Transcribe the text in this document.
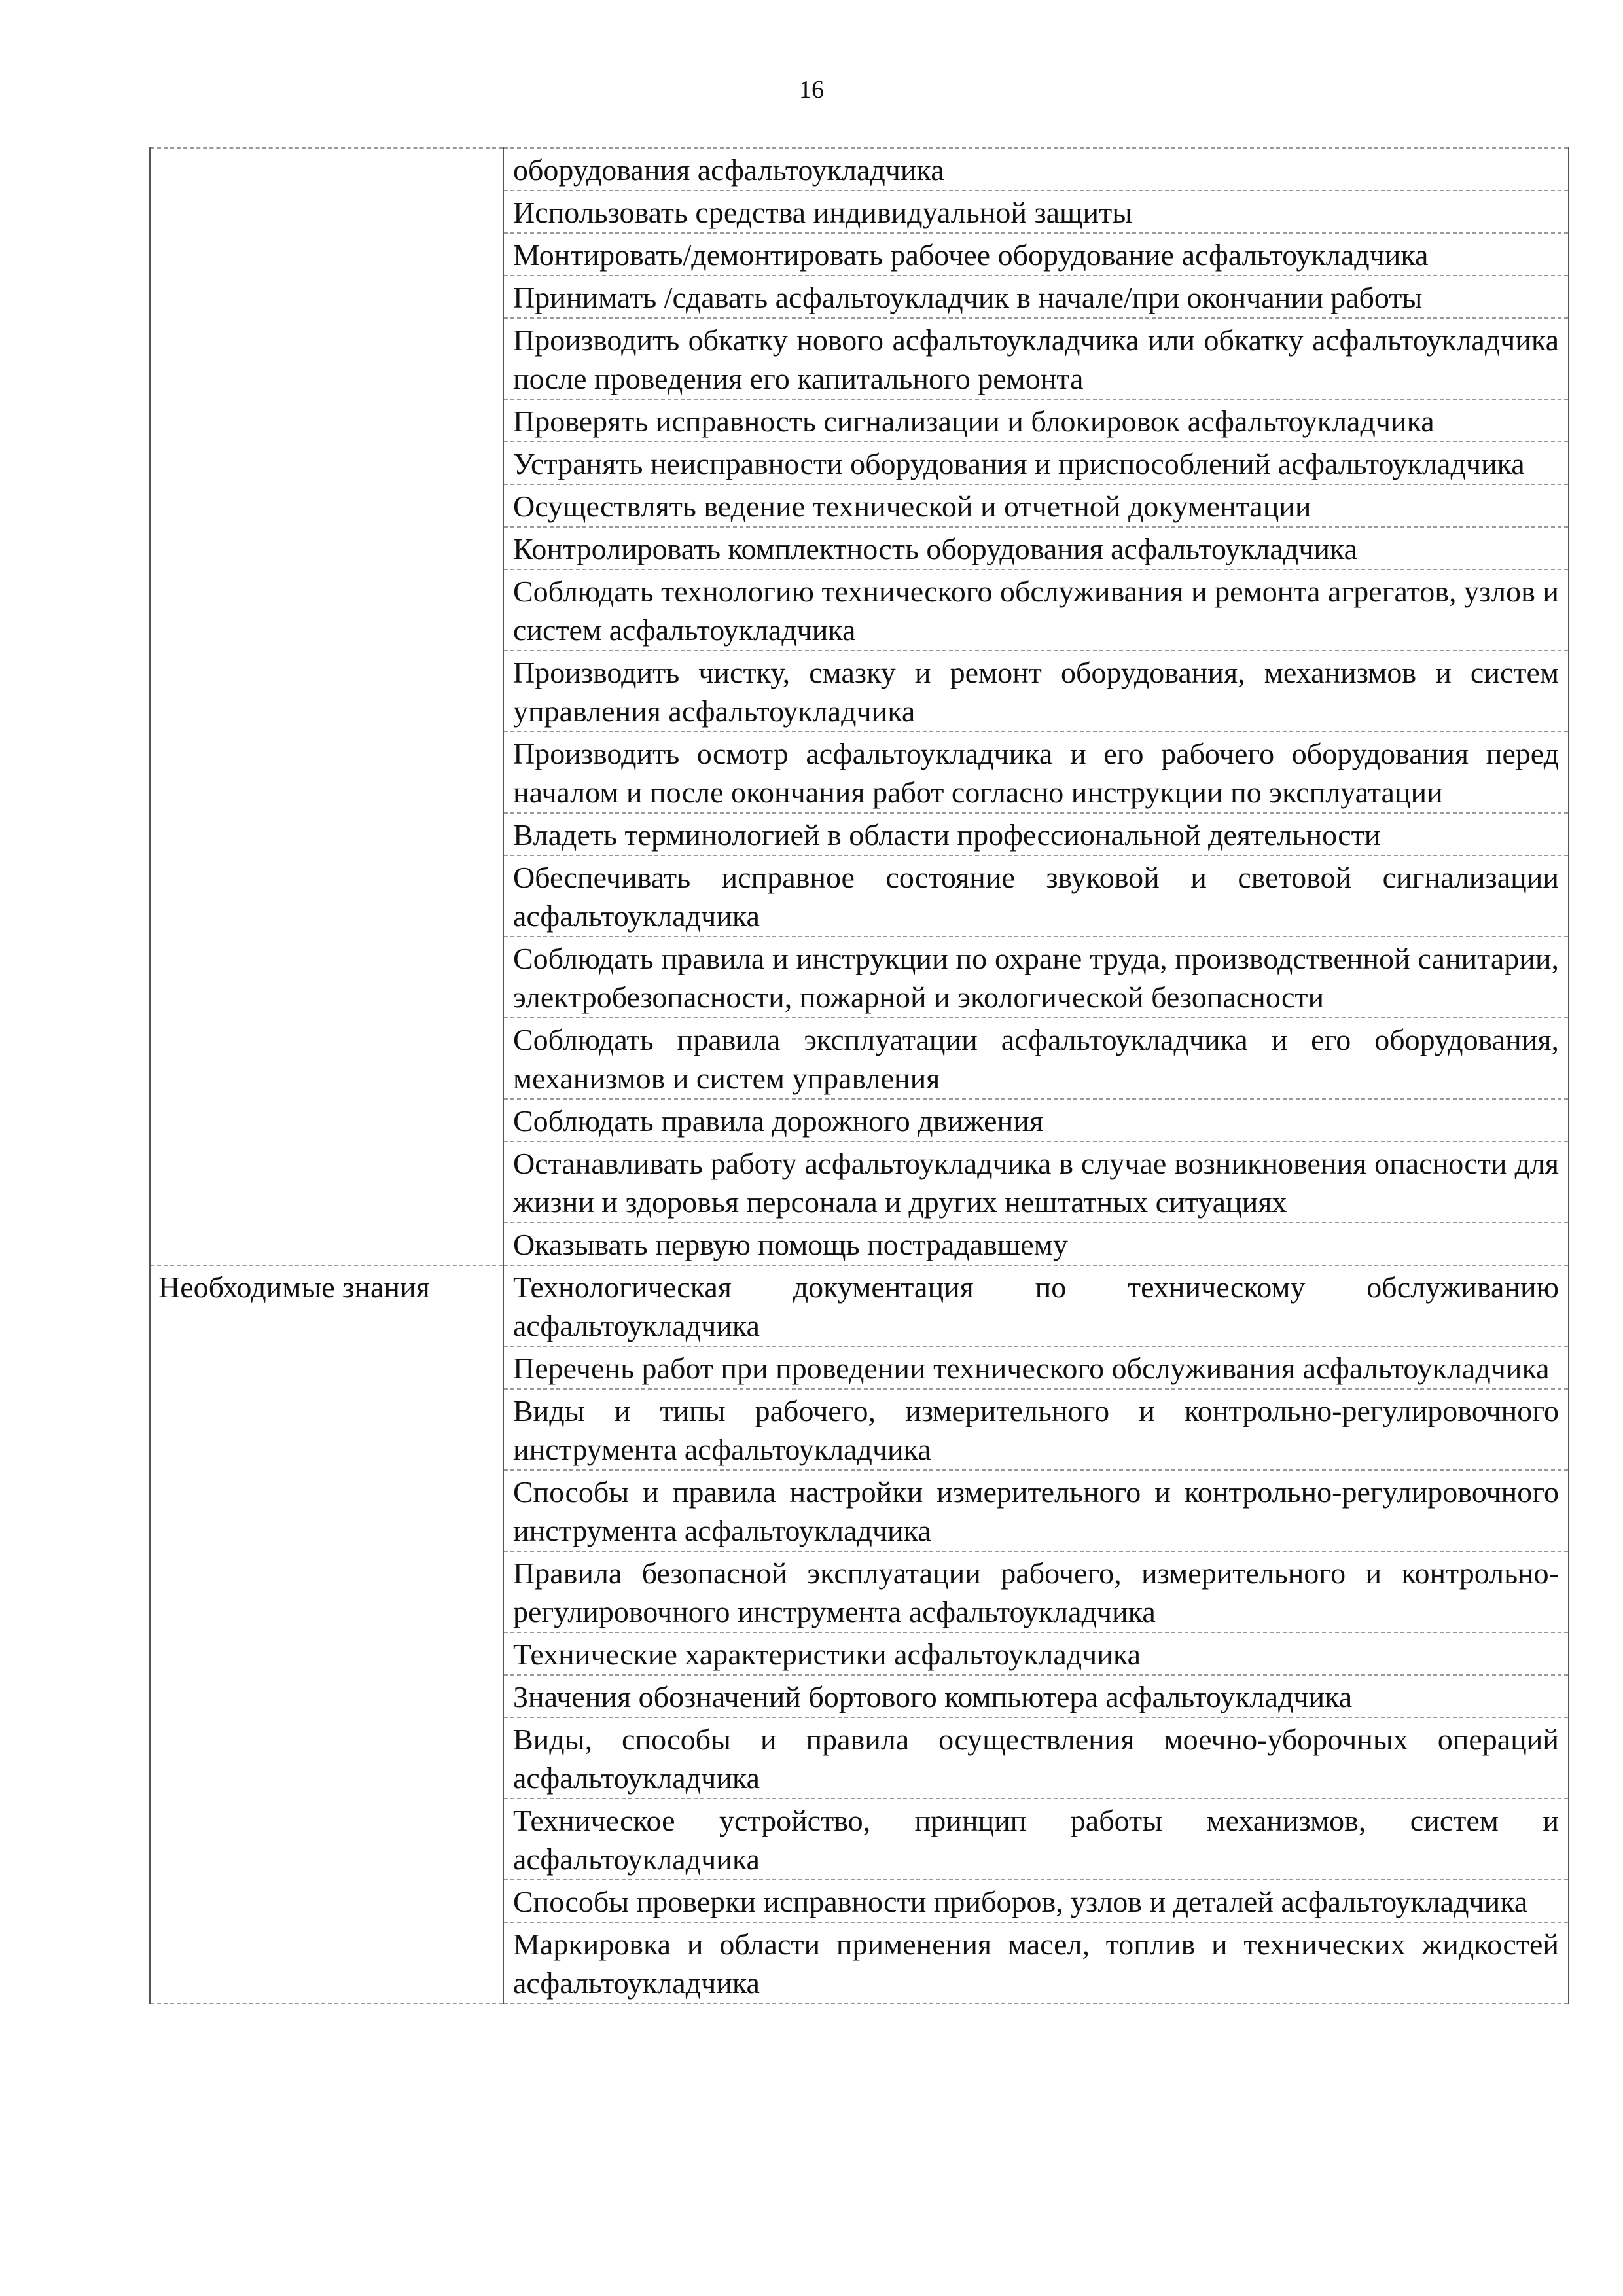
16
	оборудования асфальтоукладчика
	Использовать средства индивидуальной защиты
	Монтировать/демонтировать рабочее оборудование асфальтоукладчика
	Принимать /сдавать асфальтоукладчик в начале/при окончании работы
	Производить обкатку нового асфальтоукладчика или обкатку асфальтоукладчика после проведения его капитального ремонта
	Проверять исправность сигнализации и блокировок асфальтоукладчика
	Устранять неисправности оборудования и приспособлений асфальтоукладчика
	Осуществлять ведение технической и отчетной документации
	Контролировать комплектность оборудования асфальтоукладчика
	Соблюдать технологию технического обслуживания и ремонта агрегатов, узлов и систем асфальтоукладчика
	Производить чистку, смазку и ремонт оборудования, механизмов и систем управления асфальтоукладчика
	Производить осмотр асфальтоукладчика и его рабочего оборудования перед началом и после окончания работ согласно инструкции по эксплуатации
	Владеть терминологией в области профессиональной деятельности
	Обеспечивать исправное состояние звуковой и световой сигнализации асфальтоукладчика
	Соблюдать правила и инструкции по охране труда, производственной санитарии, электробезопасности, пожарной и экологической безопасности
	Соблюдать правила эксплуатации асфальтоукладчика и его оборудования, механизмов и систем управления
	Соблюдать правила дорожного движения
	Останавливать работу асфальтоукладчика в случае возникновения опасности для жизни и здоровья персонала и других нештатных ситуациях
	Оказывать первую помощь пострадавшему
Необходимые знания	Технологическая документация по техническому обслуживанию асфальтоукладчика
	Перечень работ при проведении технического обслуживания асфальтоукладчика
	Виды и типы рабочего, измерительного и контрольно-регулировочного инструмента асфальтоукладчика
	Способы и правила настройки измерительного и контрольно-регулировочного инструмента асфальтоукладчика
	Правила безопасной эксплуатации рабочего, измерительного и контрольно-регулировочного инструмента асфальтоукладчика
	Технические характеристики асфальтоукладчика
	Значения обозначений бортового компьютера асфальтоукладчика
	Виды, способы и правила осуществления моечно-уборочных операций асфальтоукладчика
	Техническое устройство, принцип работы механизмов, систем и асфальтоукладчика
	Способы проверки исправности приборов, узлов и деталей асфальтоукладчика
	Маркировка и области применения масел, топлив и технических жидкостей асфальтоукладчика
